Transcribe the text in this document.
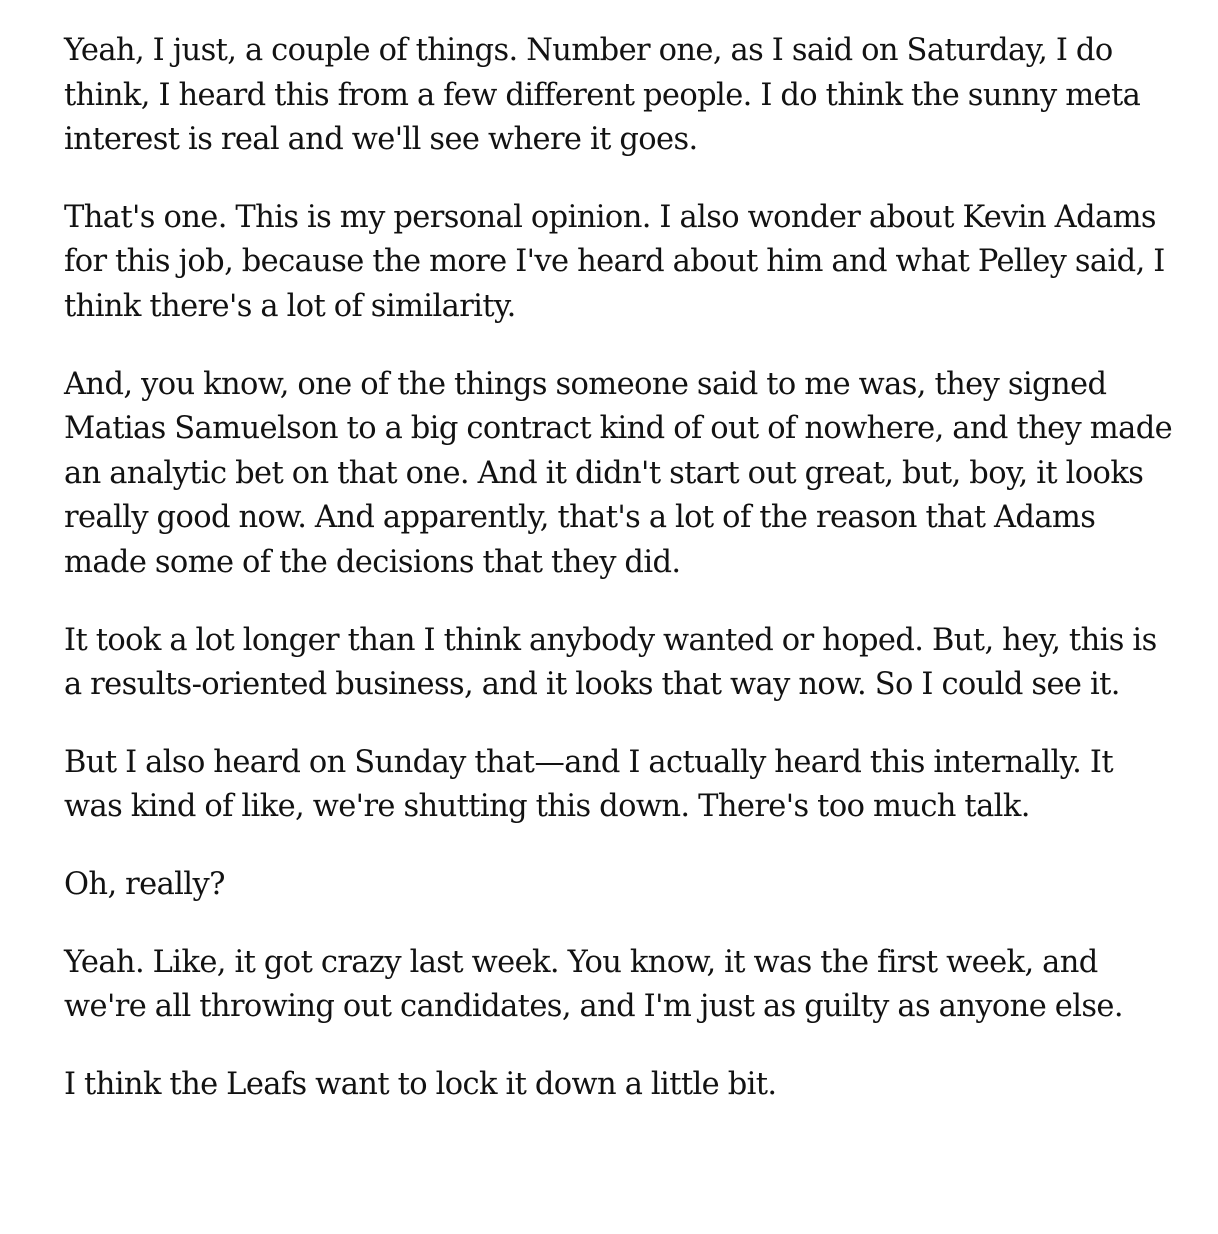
Yeah, I just, a couple of things. Number one, as I said on Saturday, I do think, I heard this from a few different people. I do think the sunny meta interest is real and we'll see where it goes.

That's one. This is my personal opinion. I also wonder about Kevin Adams for this job, because the more I've heard about him and what Pelley said, I think there's a lot of similarity.

And, you know, one of the things someone said to me was, they signed Matias Samuelson to a big contract kind of out of nowhere, and they made an analytic bet on that one. And it didn't start out great, but, boy, it looks really good now. And apparently, that's a lot of the reason that Adams made some of the decisions that they did.

It took a lot longer than I think anybody wanted or hoped. But, hey, this is a results-oriented business, and it looks that way now. So I could see it.

But I also heard on Sunday that—and I actually heard this internally. It was kind of like, we're shutting this down. There's too much talk.

Oh, really?

Yeah. Like, it got crazy last week. You know, it was the first week, and we're all throwing out candidates, and I'm just as guilty as anyone else.

I think the Leafs want to lock it down a little bit.
